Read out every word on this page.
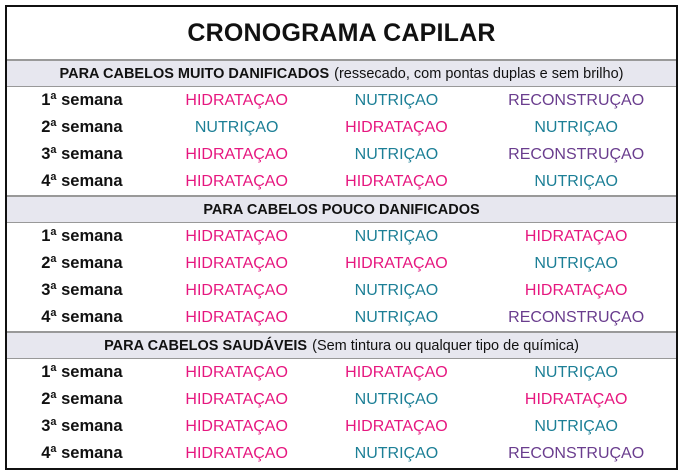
CRONOGRAMA CAPILAR
PARA CABELOS MUITO DANIFICADOS (ressecado, com pontas duplas e sem brilho)
1ª semana	HIDRATAÇAO	NUTRIÇAO	RECONSTRUÇAO
2ª semana	NUTRIÇAO	HIDRATAÇAO	NUTRIÇAO
3ª semana	HIDRATAÇAO	NUTRIÇAO	RECONSTRUÇAO
4ª semana	HIDRATAÇAO	HIDRATAÇAO	NUTRIÇAO
PARA CABELOS POUCO DANIFICADOS
1ª semana	HIDRATAÇAO	NUTRIÇAO	HIDRATAÇAO
2ª semana	HIDRATAÇAO	HIDRATAÇAO	NUTRIÇAO
3ª semana	HIDRATAÇAO	NUTRIÇAO	HIDRATAÇAO
4ª semana	HIDRATAÇAO	NUTRIÇAO	RECONSTRUÇAO
PARA CABELOS SAUDÁVEIS (Sem tintura ou qualquer tipo de química)
1ª semana	HIDRATAÇAO	HIDRATAÇAO	NUTRIÇAO
2ª semana	HIDRATAÇAO	NUTRIÇAO	HIDRATAÇAO
3ª semana	HIDRATAÇAO	HIDRATAÇAO	NUTRIÇAO
4ª semana	HIDRATAÇAO	NUTRIÇAO	RECONSTRUÇAO
